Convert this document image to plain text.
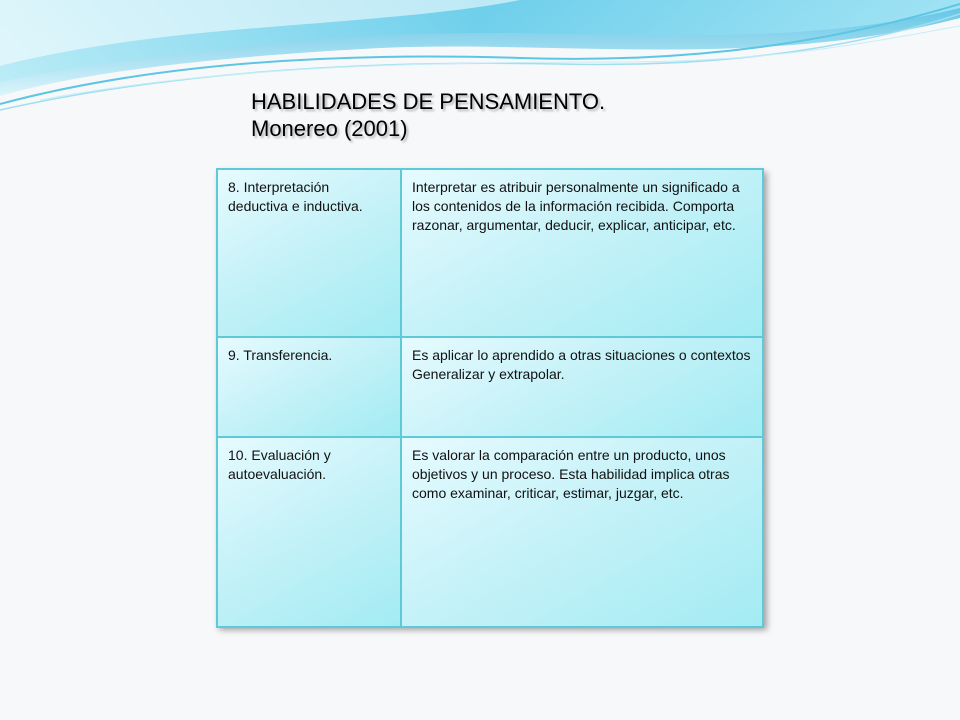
HABILIDADES DE PENSAMIENTO.
Monereo (2001)
8. Interpretación deductiva e inductiva.	Interpretar es atribuir personalmente un significado a los contenidos de la información recibida. Comporta razonar, argumentar, deducir, explicar, anticipar, etc.
9. Transferencia.	Es aplicar lo aprendido a otras situaciones o contextos Generalizar y extrapolar.
10. Evaluación y autoevaluación.	Es valorar la comparación entre un producto, unos objetivos y un proceso. Esta habilidad implica otras como examinar, criticar, estimar, juzgar, etc.
